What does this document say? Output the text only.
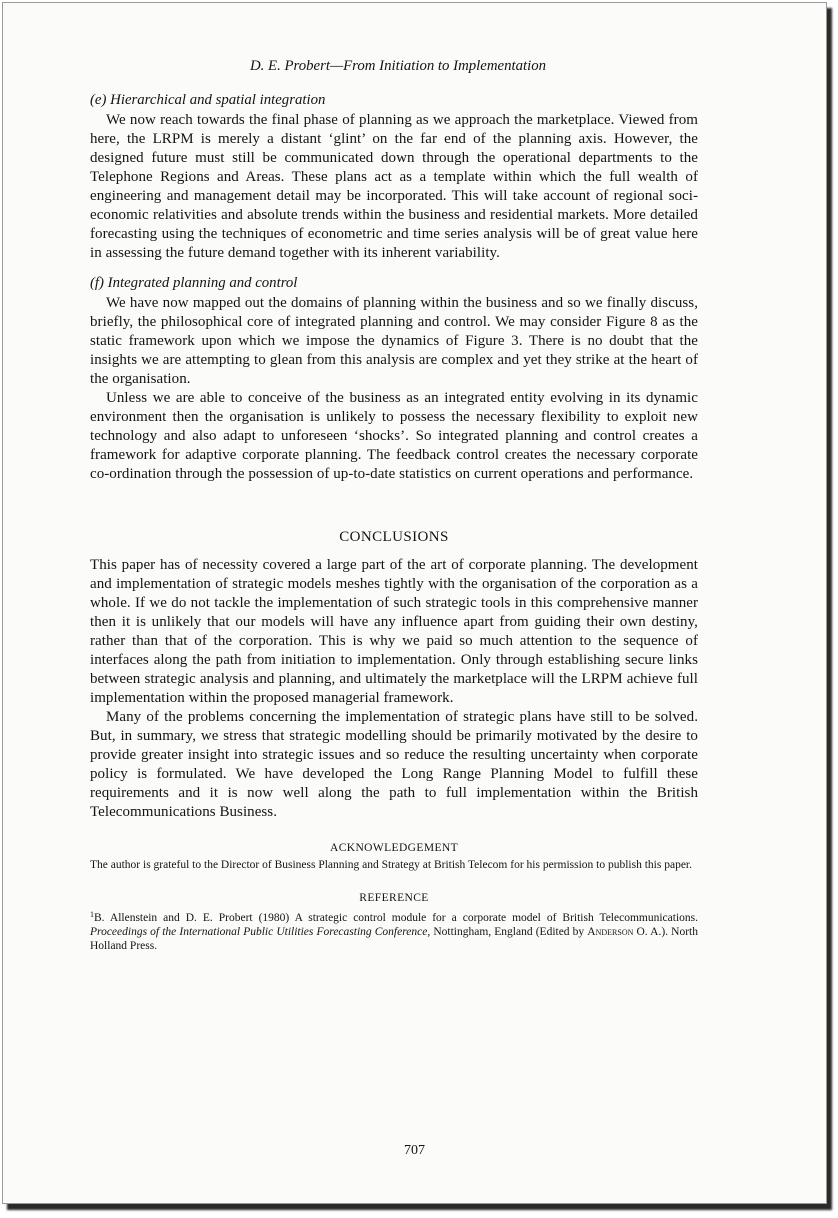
D. E. Probert—From Initiation to Implementation
(e) Hierarchical and spatial integration

We now reach towards the final phase of planning as we approach the marketplace. Viewed from here, the LRPM is merely a distant ‘glint’ on the far end of the planning axis. However, the designed future must still be communicated down through the operational departments to the Telephone Regions and Areas. These plans act as a template within which the full wealth of engineering and management detail may be incorporated. This will take account of regional soci-economic relativities and absolute trends within the business and residential markets. More detailed forecasting using the techniques of econometric and time series analysis will be of great value here in assessing the future demand together with its inherent variability.

(f) Integrated planning and control

We have now mapped out the domains of planning within the business and so we finally discuss, briefly, the philosophical core of integrated planning and control. We may consider Figure 8 as the static framework upon which we impose the dynamics of Figure 3. There is no doubt that the insights we are attempting to glean from this analysis are complex and yet they strike at the heart of the organisation.

Unless we are able to conceive of the business as an integrated entity evolving in its dynamic environment then the organisation is unlikely to possess the necessary flexibility to exploit new technology and also adapt to unforeseen ‘shocks’. So integrated planning and control creates a framework for adaptive corporate planning. The feedback control creates the necessary corporate co-ordination through the possession of up-to-date statistics on current operations and performance.

CONCLUSIONS

This paper has of necessity covered a large part of the art of corporate planning. The development and implementation of strategic models meshes tightly with the organisation of the corporation as a whole. If we do not tackle the implementation of such strategic tools in this comprehensive manner then it is unlikely that our models will have any influence apart from guiding their own destiny, rather than that of the corporation. This is why we paid so much attention to the sequence of interfaces along the path from initiation to implementation. Only through establishing secure links between strategic analysis and planning, and ultimately the marketplace will the LRPM achieve full implementation within the proposed managerial framework.

Many of the problems concerning the implementation of strategic plans have still to be solved. But, in summary, we stress that strategic modelling should be primarily motivated by the desire to provide greater insight into strategic issues and so reduce the resulting uncertainty when corporate policy is formulated. We have developed the Long Range Planning Model to fulfill these requirements and it is now well along the path to full implementation within the British Telecommunications Business.

ACKNOWLEDGEMENT

The author is grateful to the Director of Business Planning and Strategy at British Telecom for his permission to publish this paper.

REFERENCE

$^1$B. Allenstein and D. E. Probert (1980) A strategic control module for a corporate model of British Telecommunications. Proceedings of the International Public Utilities Forecasting Conference, Nottingham, England (Edited by Anderson O. A.). North Holland Press.

707
